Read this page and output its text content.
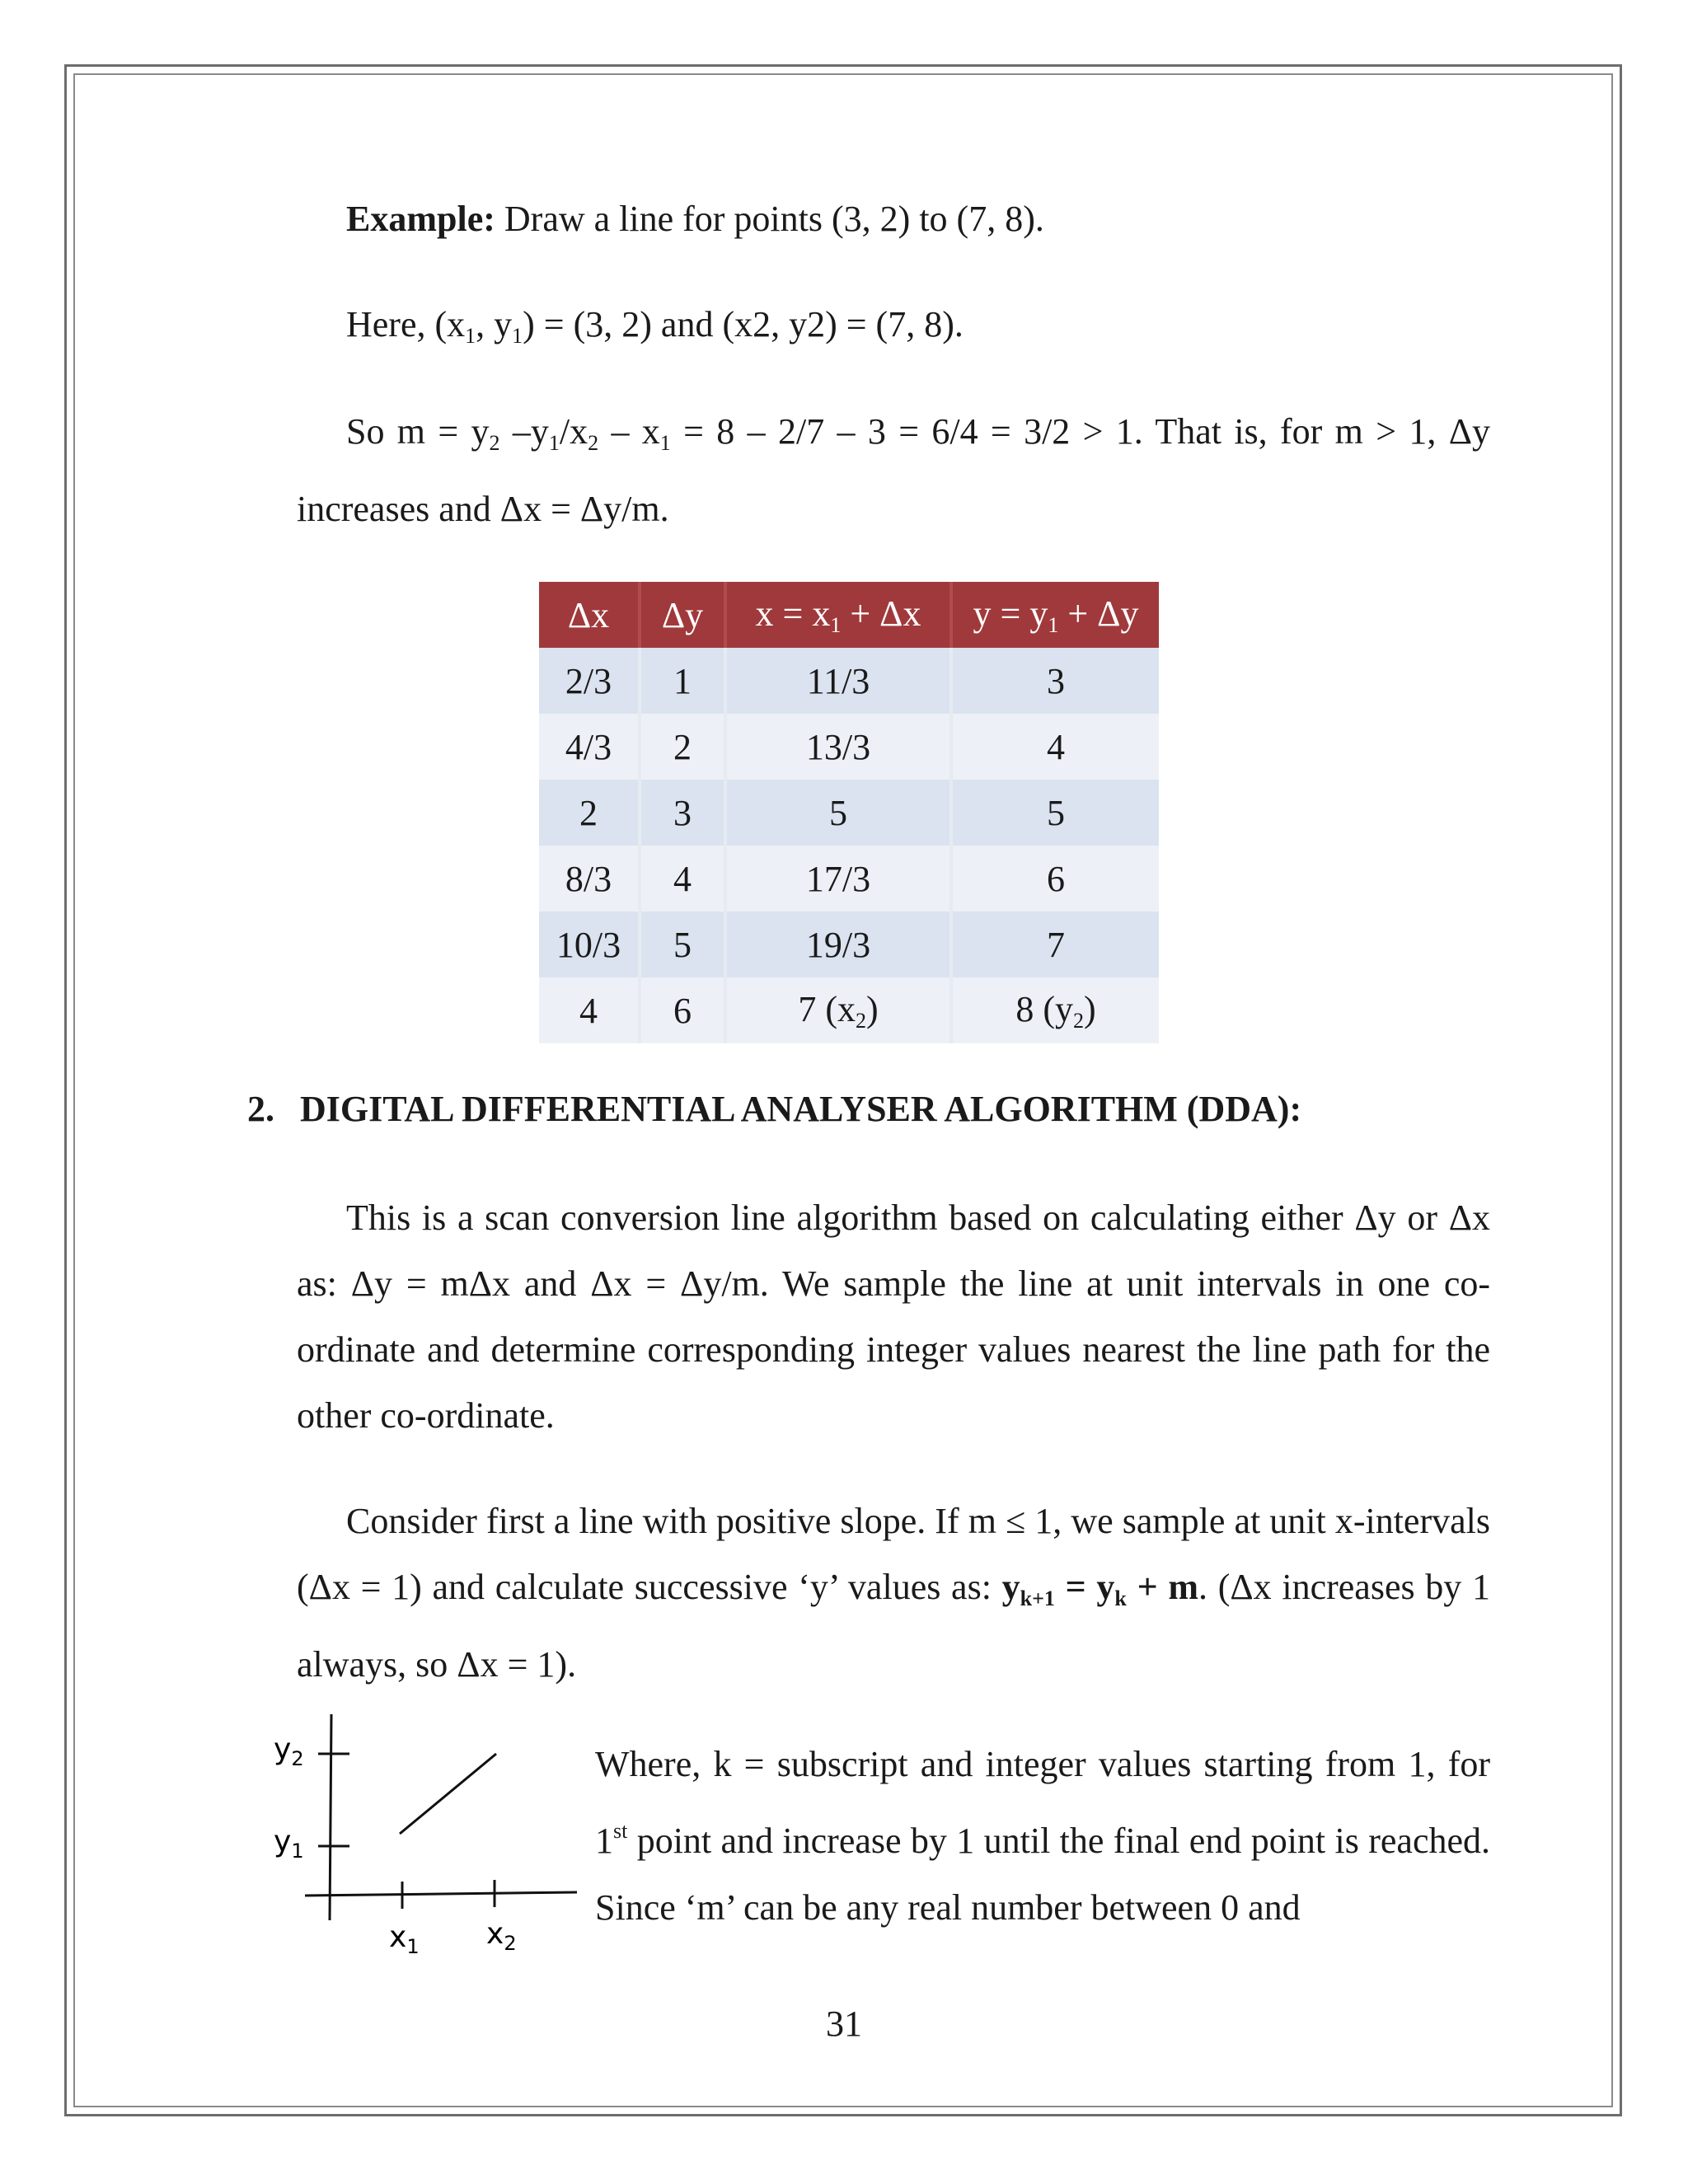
Example: Draw a line for points (3, 2) to (7, 8).
Here, ($x_1$, $y_1) = (3$, 2) and (x2, y2) = (7, 8).
So $m = y_2$ $-y_1/x_2 - x_1 = 8 - 2/7 - 3 = 6/4 = 3/2 > 1$. That is, for m > 1, Δy increases and Δx = Δy/m.
Δx	Δy	$x = x_1 + \Delta x$	$y = y_1 + \Delta y$
2/3	1	11/3	3
4/3	2	13/3	4
2	3	5	5
8/3	4	17/3	6
10/3	5	19/3	7
4	6	7 $(x_2)$	8 $(y_2)$
2. DIGITAL DIFFERENTIAL ANALYSER ALGORITHM (DDA):
This is a scan conversion line algorithm based on calculating either Δy or Δx as: Δy = mΔx and Δx = Δy/m. We sample the line at unit intervals in one co-ordinate and determine corresponding integer values nearest the line path for the other co-ordinate.
Consider first a line with positive slope. If m ≤ 1, we sample at unit x-intervals (Δx = 1) and calculate successive ‘y’ values as: $y_{k+1} = y_k + m$. (Δx increases by 1 always, so Δx = 1).
$y_2$
$y_1$
$x_1$ $x_2$
Where, k = subscript and integer values starting from 1, for 1st point and increase by 1 until the final end point is reached. Since ‘m’ can be any real number between 0 and
31
